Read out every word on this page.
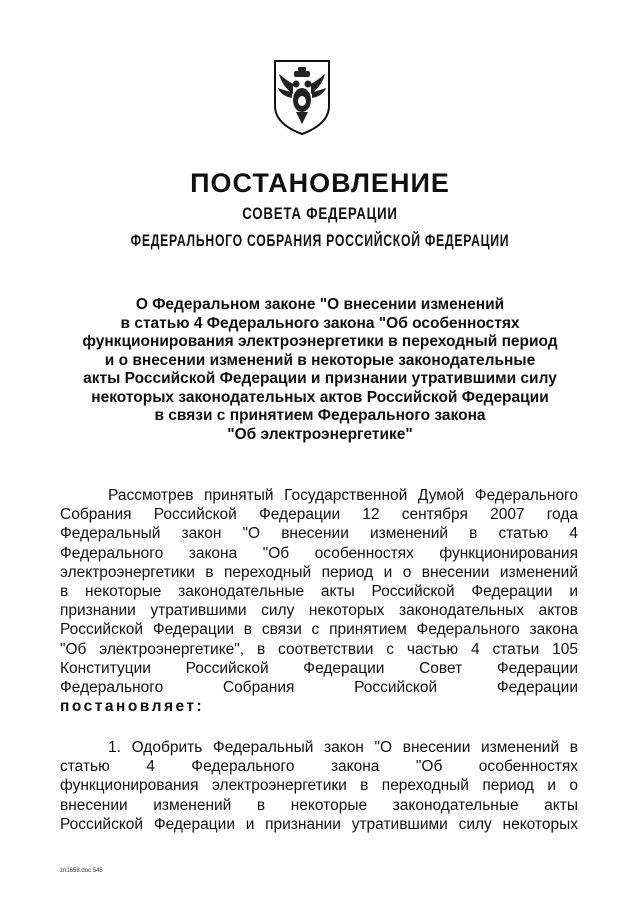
ПОСТАНОВЛЕНИЕ
СОВЕТА ФЕДЕРАЦИИ
ФЕДЕРАЛЬНОГО СОБРАНИЯ РОССИЙСКОЙ ФЕДЕРАЦИИ
О Федеральном законе "О внесении изменений
в статью 4 Федерального закона "Об особенностях
функционирования электроэнергетики в переходный период
и о внесении изменений в некоторые законодательные
акты Российской Федерации и признании утратившими силу
некоторых законодательных актов Российской Федерации
в связи с принятием Федерального закона
"Об электроэнергетике"
Рассмотрев принятый Государственной Думой Федерального
Собрания Российской Федерации 12 сентября 2007 года
Федеральный закон "О внесении изменений в статью 4
Федерального закона "Об особенностях функционирования
электроэнергетики в переходный период и о внесении изменений
в некоторые законодательные акты Российской Федерации и
признании утратившими силу некоторых законодательных актов
Российской Федерации в связи с принятием Федерального закона
"Об электроэнергетике", в соответствии с частью 4 статьи 105
Конституции Российской Федерации Совет Федерации
Федерального Собрания Российской Федерации
постановляет:
1. Одобрить Федеральный закон "О внесении изменений в
статью 4 Федерального закона "Об особенностях
функционирования электроэнергетики в переходный период и о
внесении изменений в некоторые законодательные акты
Российской Федерации и признании утратившими силу некоторых
zn1658.doc 545
